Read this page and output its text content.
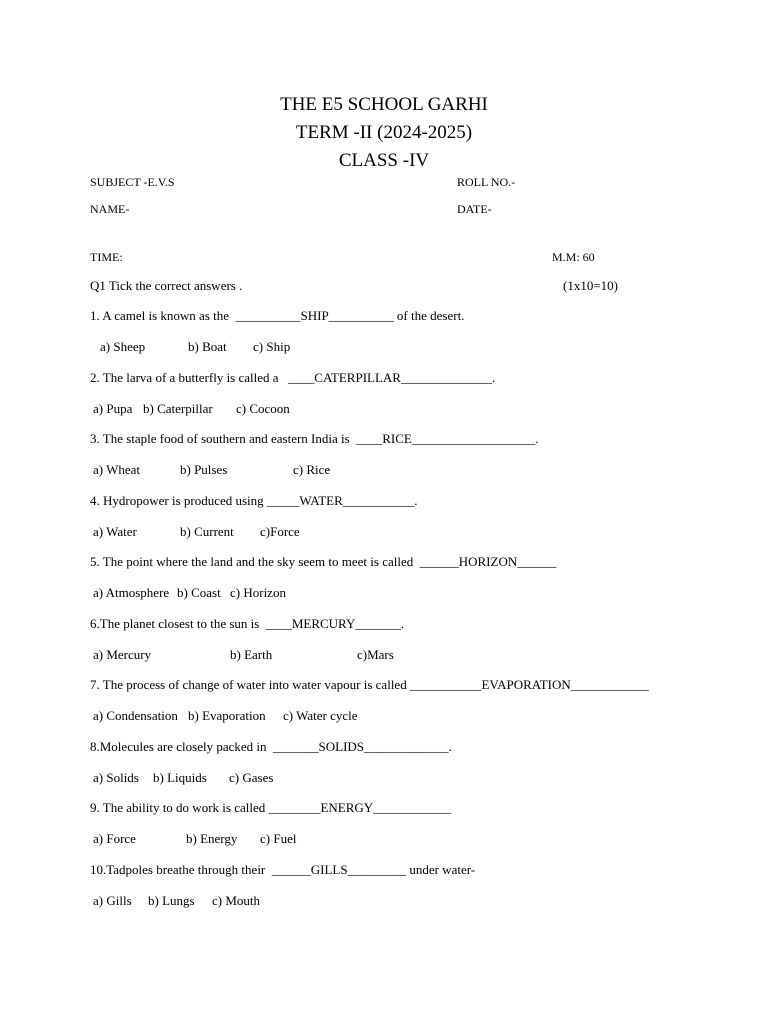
THE E5 SCHOOL GARHI
TERM -II (2024-2025)
CLASS -IV
SUBJECT -E.V.S	ROLL NO.-
NAME-	DATE-
TIME:	M.M: 60
Q1 Tick the correct answers .	(1x10=10)
1. A camel is known as the  __________SHIP__________ of the desert.
a) Sheep	b) Boat c) Ship
2. The larva of a butterfly is called a   ____CATERPILLAR______________.
a) Pupa b) Caterpillar c) Cocoon
3. The staple food of southern and eastern India is  ____RICE___________________.
a) Wheat	b) Pulses	c) Rice
4. Hydropower is produced using _____WATER___________.
a) Water	b) Current c)Force
5. The point where the land and the sky seem to meet is called  ______HORIZON______
a) Atmosphere b) Coast c) Horizon
6.The planet closest to the sun is  ____MERCURY_______.
a) Mercury	b) Earth	c)Mars
7. The process of change of water into water vapour is called ___________EVAPORATION____________
a) Condensation b) Evaporation c) Water cycle
8.Molecules are closely packed in  _______SOLIDS_____________.
a) Solids b) Liquids c) Gases
9. The ability to do work is called ________ENERGY____________
a) Force	b) Energy c) Fuel
10.Tadpoles breathe through their  ______GILLS_________ under water-
a) Gills b) Lungs c) Mouth
